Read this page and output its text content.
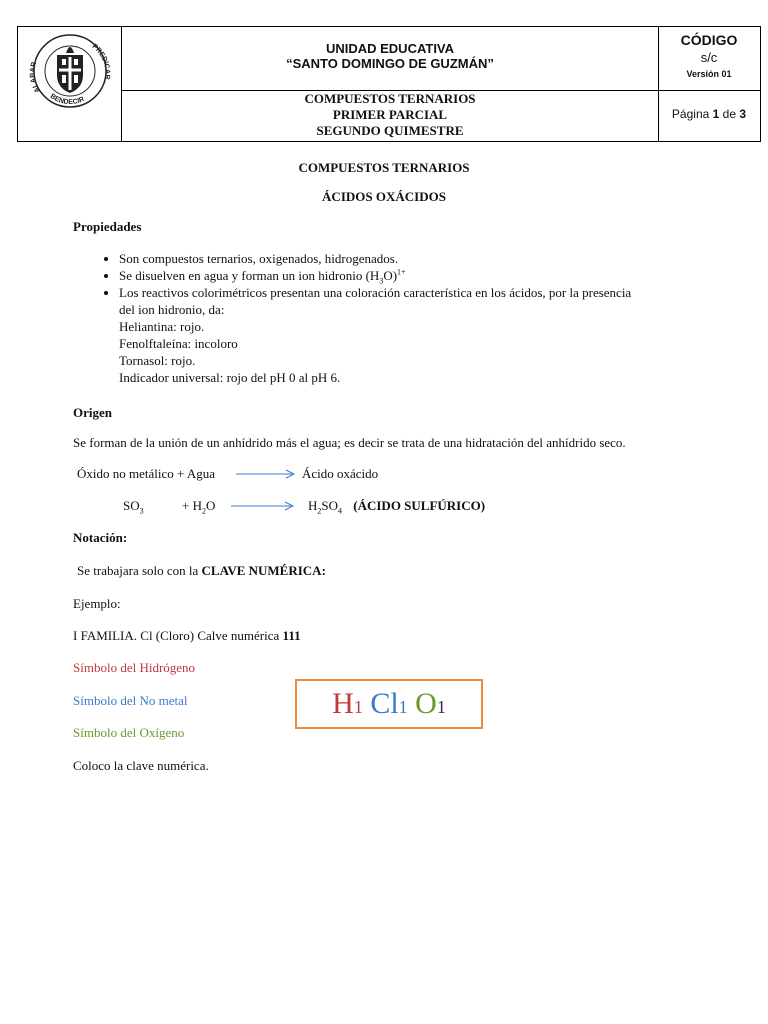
ALABAR
PREDICAR
BENDECIR
UNIDAD EDUCATIVA
“SANTO DOMINGO DE GUZMÁN”
COMPUESTOS TERNARIOS
PRIMER PARCIAL
SEGUNDO QUIMESTRE
CÓDIGO
s/c
Versión 01
Página 1 de 3
COMPUESTOS TERNARIOS
ÁCIDOS OXÁCIDOS
Propiedades
• Son compuestos ternarios, oxigenados, hidrogenados.
• Se disuelven en agua y forman un ion hidronio $(H_3O)^{1+}$
• Los reactivos colorimétricos presentan una coloración característica en los ácidos, por la presencia
del ion hidronio, da:
Heliantina: rojo.
Fenolftaleína: incoloro
Tornasol: rojo.
Indicador universal: rojo del pH 0 al pH 6.
Origen
Se forman de la unión de un anhídrido más el agua; es decir se trata de una hidratación del anhídrido seco.
Óxido no metálico + Agua → Ácido oxácido
$SO_3$	+ $H_2O \to H_2SO_4$ (ÁCIDO SULFÚRICO)
Notación:
Se trabajara solo con la CLAVE NUMÉRICA:
Ejemplo:
I FAMILIA. Cl (Cloro) Calve numérica 111
Símbolo del Hidrógeno
Símbolo del No metal
Símbolo del Oxígeno
Coloco la clave numérica.
H1 Cl1 O1
